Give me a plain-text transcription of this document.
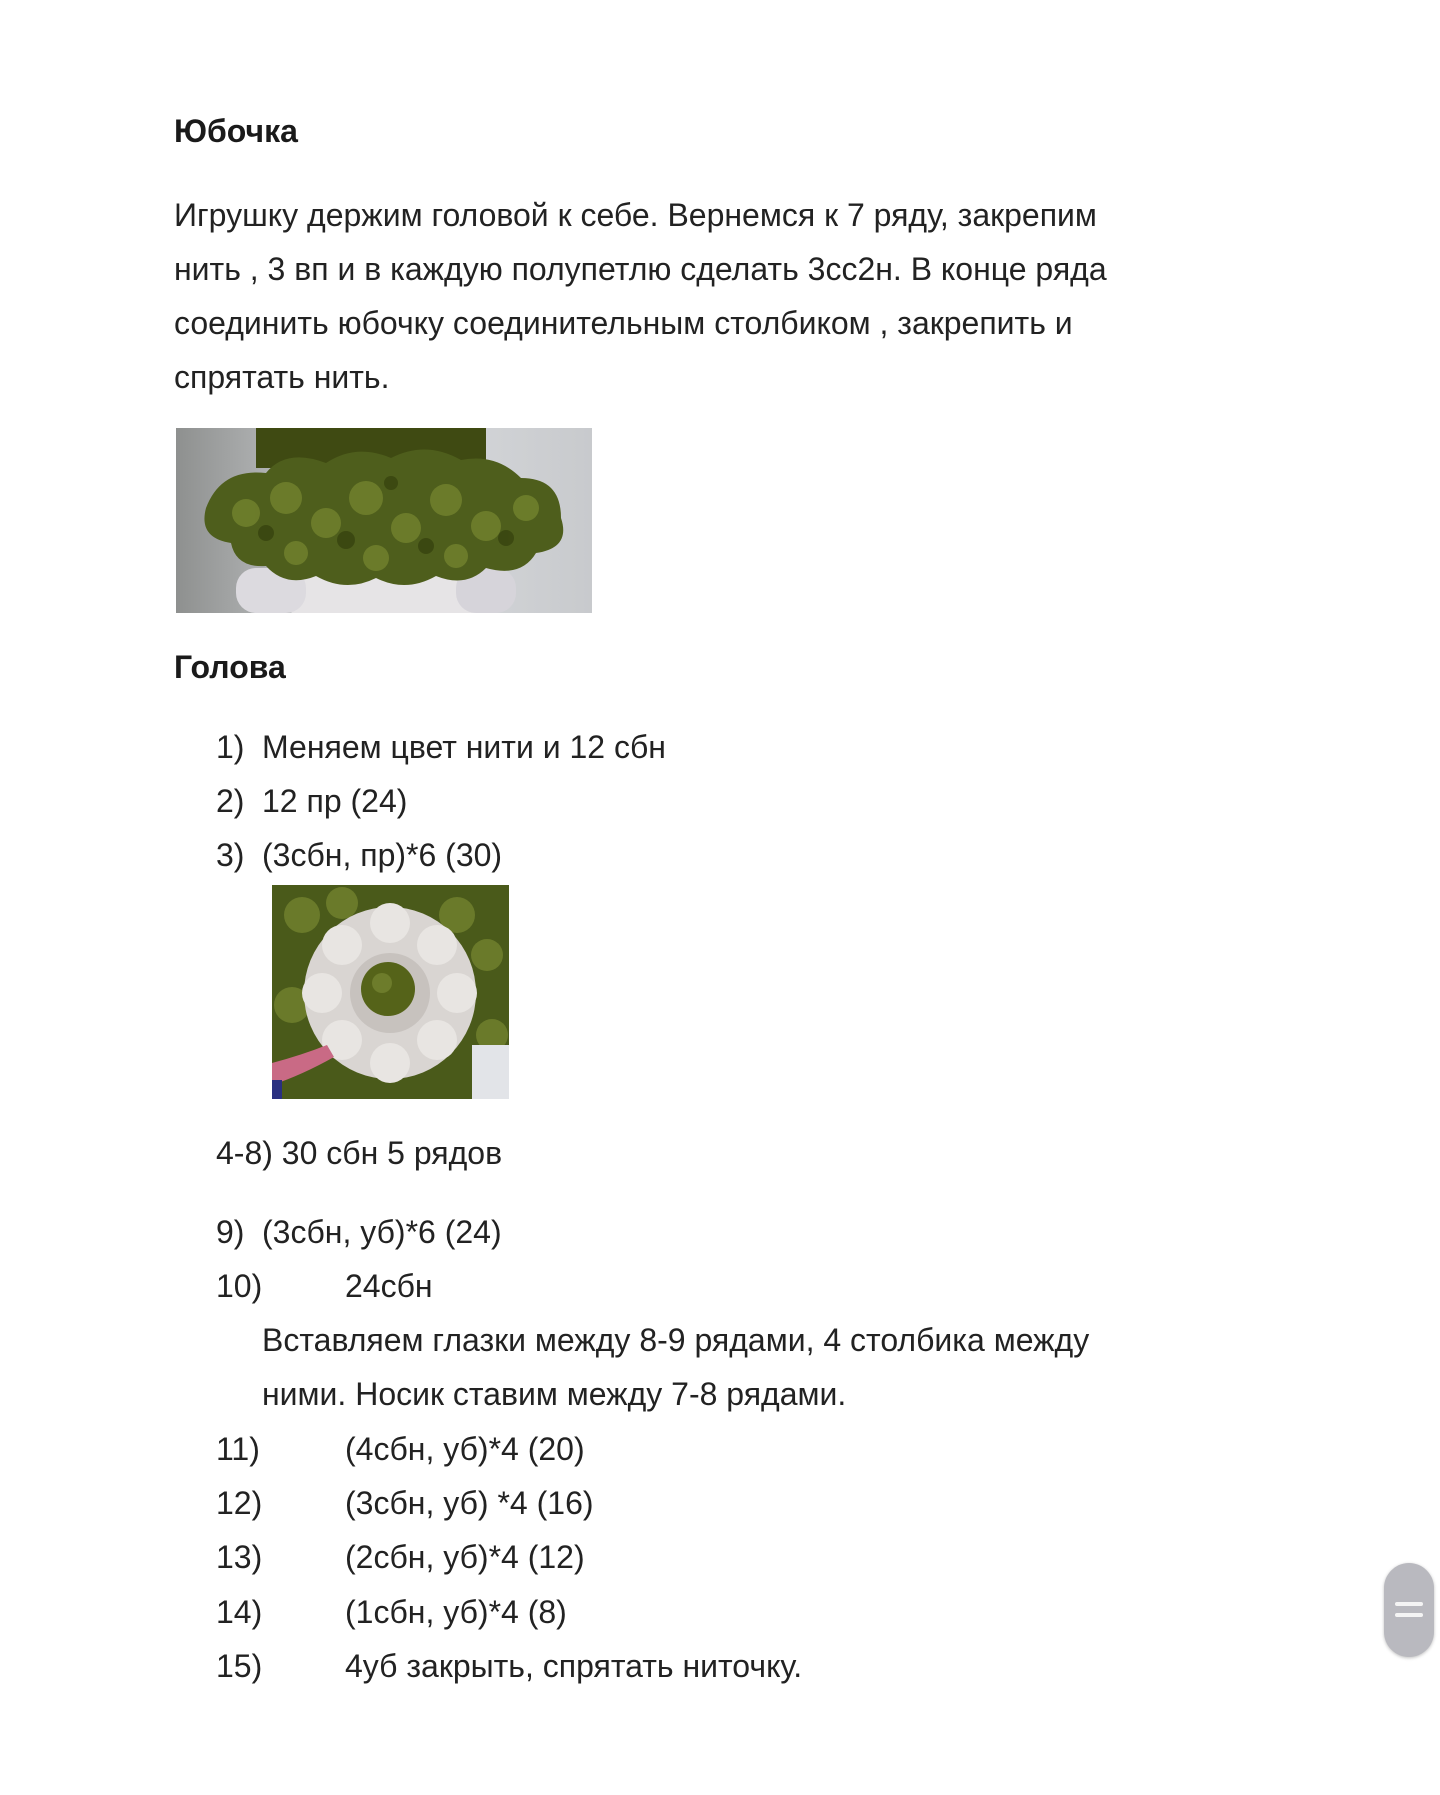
Юбочка

Игрушку держим головой к себе. Вернемся к 7 ряду, закрепим

нить , 3 вп и в каждую полупетлю сделать 3сс2н. В конце ряда

соединить юбочку соединительным столбиком , закрепить и

спрятать нить.

Голова
1) Меняем цвет нити и 12 сбн
2) 12 пр (24)
3) (3сбн, пр)*6 (30)
4-8) 30 сбн 5 рядов
9) (3сбн, уб)*6 (24)
10)	24сбн
Вставляем глазки между 8-9 рядами, 4 столбика между
ними. Носик ставим между 7-8 рядами.
11)	(4сбн, уб)*4 (20)
12)	(3сбн, уб) *4 (16)
13)	(2сбн, уб)*4 (12)
14)	(1сбн, уб)*4 (8)
15)	4уб закрыть, спрятать ниточку.
